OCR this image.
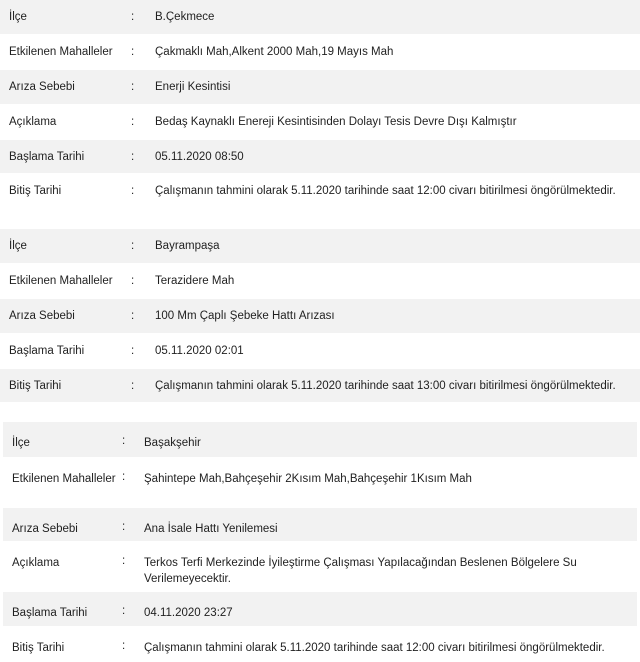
İlçe	:	B.Çekmece
Etkilenen Mahalleler	:	Çakmaklı Mah,Alkent 2000 Mah,19 Mayıs Mah
Arıza Sebebi	:	Enerji Kesintisi
Açıklama	:	Bedaş Kaynaklı Enereji Kesintisinden Dolayı Tesis Devre Dışı Kalmıştır
Başlama Tarihi	:	05.11.2020 08:50
Bitiş Tarihi	:	Çalışmanın tahmini olarak 5.11.2020 tarihinde saat 12:00 civarı bitirilmesi öngörülmektedir.
İlçe	:	Bayrampaşa
Etkilenen Mahalleler	:	Terazidere Mah
Arıza Sebebi	:	100 Mm Çaplı Şebeke Hattı Arızası
Başlama Tarihi	:	05.11.2020 02:01
Bitiş Tarihi	:	Çalışmanın tahmini olarak 5.11.2020 tarihinde saat 13:00 civarı bitirilmesi öngörülmektedir.
İlçe	:	Başakşehir
Etkilenen Mahalleler	:	Şahintepe Mah,Bahçeşehir 2Kısım Mah,Bahçeşehir 1Kısım Mah
Arıza Sebebi	:	Ana İsale Hattı Yenilemesi
Açıklama	:	Terkos Terfi Merkezinde İyileştirme Çalışması Yapılacağından Beslenen Bölgelere Su Verilemeyecektir.
Başlama Tarihi	:	04.11.2020 23:27
Bitiş Tarihi	:	Çalışmanın tahmini olarak 5.11.2020 tarihinde saat 12:00 civarı bitirilmesi öngörülmektedir.
